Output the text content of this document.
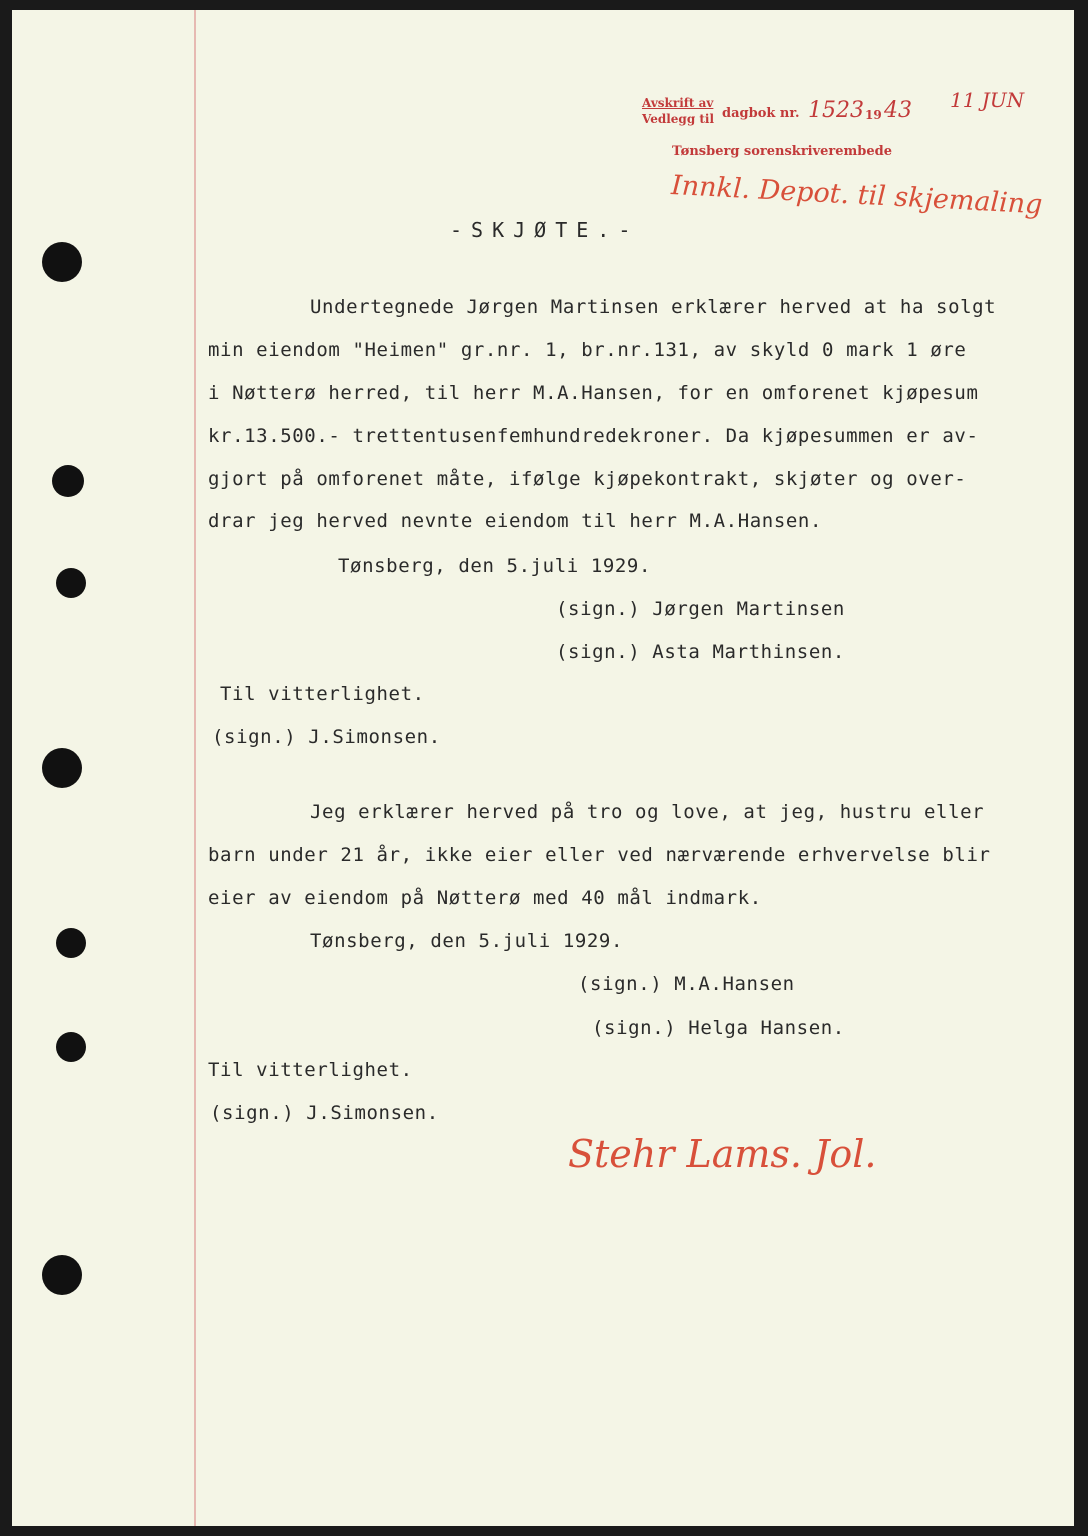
Avskrift av
Vedlegg til dagbok nr. 1523 19 43 11 JUN
Tønsberg sorenskriverembede
Innkl. Depot. til skjemaling
-SKJØTE.-
Undertegnede Jørgen Martinsen erklærer herved at ha solgt
min eiendom "Heimen" gr.nr. 1, br.nr.131, av skyld 0 mark 1 øre
i Nøtterø herred, til herr M.A.Hansen, for en omforenet kjøpesum
kr.13.500.- trettentusenfemhundredekroner. Da kjøpesummen er av-
gjort på omforenet måte, ifølge kjøpekontrakt, skjøter og over-
drar jeg herved nevnte eiendom til herr M.A.Hansen.
Tønsberg, den 5.juli 1929.
(sign.) Jørgen Martinsen
(sign.) Asta Marthinsen.
Til vitterlighet.
(sign.) J.Simonsen.
Jeg erklærer herved på tro og love, at jeg, hustru eller
barn under 21 år, ikke eier eller ved nærværende erhvervelse blir
eier av eiendom på Nøtterø med 40 mål indmark.
Tønsberg, den 5.juli 1929.
(sign.) M.A.Hansen
(sign.) Helga Hansen.
Til vitterlighet.
(sign.) J.Simonsen.
Stehr Lams. Jol.
